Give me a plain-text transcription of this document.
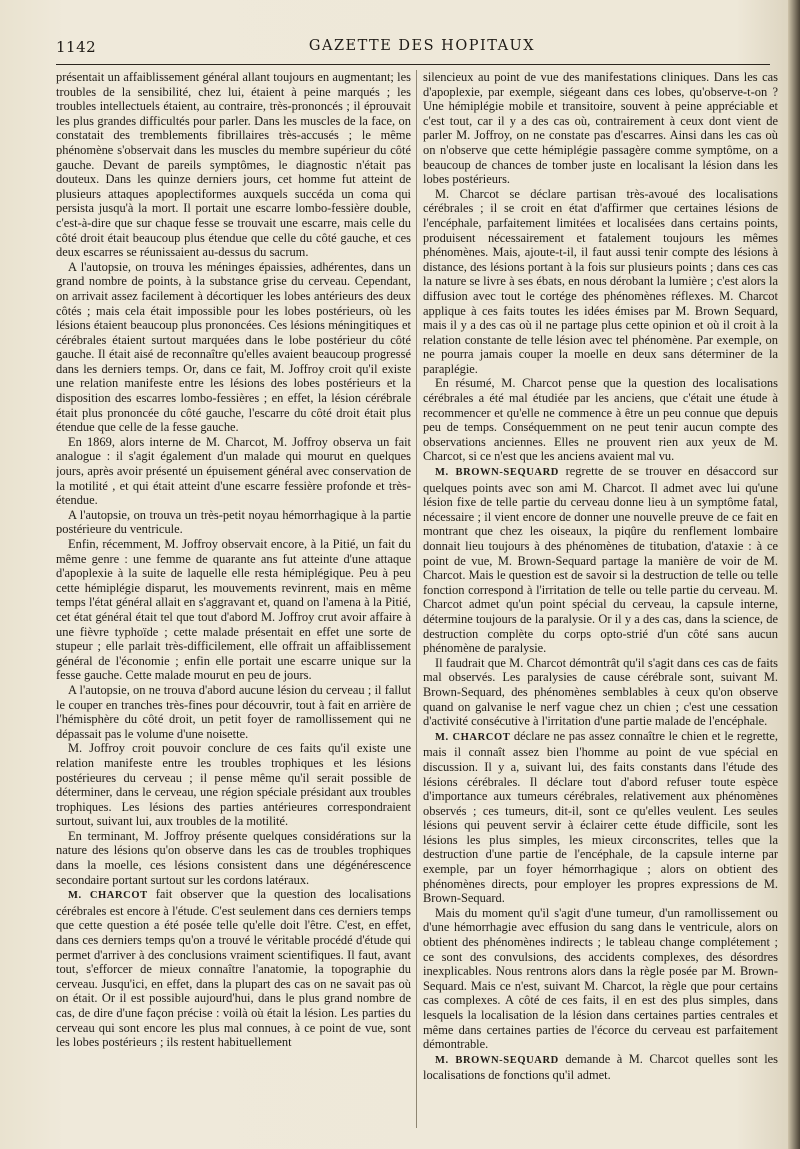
1142	GAZETTE DES HOPITAUX

présentait un affaiblissement général allant toujours en augmentant; les troubles de la sensibilité, chez lui, étaient à peine marqués ; les troubles intellectuels étaient, au contraire, très-prononcés ; il éprouvait les plus grandes difficultés pour parler. Dans les muscles de la face, on constatait des tremblements fibrillaires très-accusés ; le même phénomène s'observait dans les muscles du membre supérieur du côté gauche. Devant de pareils symptômes, le diagnostic n'était pas douteux. Dans les quinze derniers jours, cet homme fut atteint de plusieurs attaques apoplectiformes auxquels succéda un coma qui persista jusqu'à la mort. Il portait une escarre lombo-fessière double, c'est-à-dire que sur chaque fesse se trouvait une escarre, mais celle du côté droit était beaucoup plus étendue que celle du côté gauche, et ces deux escarres se réunissaient au-dessus du sacrum.

A l'autopsie, on trouva les méninges épaissies, adhérentes, dans un grand nombre de points, à la substance grise du cerveau. Cependant, on arrivait assez facilement à décortiquer les lobes antérieurs des deux côtés ; mais cela était impossible pour les lobes postérieurs, où les lésions étaient beaucoup plus prononcées. Ces lésions méningitiques et cérébrales étaient surtout marquées dans le lobe postérieur du côté gauche. Il était aisé de reconnaître qu'elles avaient beaucoup progressé dans les derniers temps. Or, dans ce fait, M. Joffroy croit qu'il existe une relation manifeste entre les lésions des lobes postérieurs et la disposition des escarres lombo-fessières ; en effet, la lésion cérébrale était plus prononcée du côté gauche, l'escarre du côté droit était plus étendue que celle de la fesse gauche.

En 1869, alors interne de M. Charcot, M. Joffroy observa un fait analogue : il s'agit également d'un malade qui mourut en quelques jours, après avoir présenté un épuisement général avec conservation de la motilité , et qui était atteint d'une escarre fessière profonde et très-étendue.

A l'autopsie, on trouva un très-petit noyau hémorrhagique à la partie postérieure du ventricule.

Enfin, récemment, M. Joffroy observait encore, à la Pitié, un fait du même genre : une femme de quarante ans fut atteinte d'une attaque d'apoplexie à la suite de laquelle elle resta hémiplégique. Peu à peu cette hémiplégie disparut, les mouvements revinrent, mais en même temps l'état général allait en s'aggravant et, quand on l'amena à la Pitié, cet état général était tel que tout d'abord M. Joffroy crut avoir affaire à une fièvre typhoïde ; cette malade présentait en effet une sorte de stupeur ; elle parlait très-difficilement, elle offrait un affaiblissement général de l'économie ; enfin elle portait une escarre unique sur la fesse gauche. Cette malade mourut en peu de jours.

A l'autopsie, on ne trouva d'abord aucune lésion du cerveau ; il fallut le couper en tranches très-fines pour découvrir, tout à fait en arrière de l'hémisphère du côté droit, un petit foyer de ramollissement qui ne dépassait pas le volume d'une noisette.

M. Joffroy croit pouvoir conclure de ces faits qu'il existe une relation manifeste entre les troubles trophiques et les lésions postérieures du cerveau ; il pense même qu'il serait possible de déterminer, dans le cerveau, une région spéciale présidant aux troubles trophiques. Les lésions des parties antérieures correspondraient surtout, suivant lui, aux troubles de la motilité.

En terminant, M. Joffroy présente quelques considérations sur la nature des lésions qu'on observe dans les cas de troubles trophiques dans la moelle, ces lésions consistent dans une dégénérescence secondaire portant surtout sur les cordons latéraux.

M. CHARCOT fait observer que la question des localisations cérébrales est encore à l'étude. C'est seulement dans ces derniers temps que cette question a été posée telle qu'elle doit l'être. C'est, en effet, dans ces derniers temps qu'on a trouvé le véritable procédé d'étude qui permet d'arriver à des conclusions vraiment scientifiques. Il faut, avant tout, s'efforcer de mieux connaître l'anatomie, la topographie du cerveau. Jusqu'ici, en effet, dans la plupart des cas on ne savait pas où on était. Or il est possible aujourd'hui, dans le plus grand nombre de cas, de dire d'une façon précise : voilà où était la lésion. Les parties du cerveau qui sont encore les plus mal connues, à ce point de vue, sont les lobes postérieurs ; ils restent habituellement

silencieux au point de vue des manifestations cliniques. Dans les cas d'apoplexie, par exemple, siégeant dans ces lobes, qu'observe-t-on ? Une hémiplégie mobile et transitoire, souvent à peine appréciable et c'est tout, car il y a des cas où, contrairement à ceux dont vient de parler M. Joffroy, on ne constate pas d'escarres. Ainsi dans les cas où on n'observe que cette hémiplégie passagère comme symptôme, on a beaucoup de chances de tomber juste en localisant la lésion dans les lobes postérieurs.

M. Charcot se déclare partisan très-avoué des localisations cérébrales ; il se croit en état d'affirmer que certaines lésions de l'encéphale, parfaitement limitées et localisées dans certains points, produisent nécessairement et fatalement toujours les mêmes phénomènes. Mais, ajoute-t-il, il faut aussi tenir compte des lésions à distance, des lésions portant à la fois sur plusieurs points ; dans ces cas la nature se livre à ses ébats, en nous dérobant la lumière ; c'est alors la diffusion avec tout le cortége des phénomènes réflexes. M. Charcot applique à ces faits toutes les idées émises par M. Brown Sequard, mais il y a des cas où il ne partage plus cette opinion et où il croit à la relation constante de telle lésion avec tel phénomène. Par exemple, on ne pourra jamais couper la moelle en deux sans déterminer de la paraplégie.

En résumé, M. Charcot pense que la question des localisations cérébrales a été mal étudiée par les anciens, que c'était une étude à recommencer et qu'elle ne commence à être un peu connue que depuis peu de temps. Conséquemment on ne peut tenir aucun compte des observations anciennes. Elles ne prouvent rien aux yeux de M. Charcot, si ce n'est que les anciens avaient mal vu.

M. BROWN-SEQUARD regrette de se trouver en désaccord sur quelques points avec son ami M. Charcot. Il admet avec lui qu'une lésion fixe de telle partie du cerveau donne lieu à un symptôme fatal, nécessaire ; il vient encore de donner une nouvelle preuve de ce fait en montrant que chez les oiseaux, la piqûre du renflement lombaire donnait lieu toujours à des phénomènes de titubation, d'ataxie : à ce point de vue, M. Brown-Sequard partage la manière de voir de M. Charcot. Mais le question est de savoir si la destruction de telle ou telle fonction correspond à l'irritation de telle ou telle partie du cerveau. M. Charcot admet qu'un point spécial du cerveau, la capsule interne, détermine toujours de la paralysie. Or il y a des cas, dans la science, de destruction complète du corps opto-strié d'un côté sans aucun phénomène de paralysie.

Il faudrait que M. Charcot démontrât qu'il s'agit dans ces cas de faits mal observés. Les paralysies de cause cérébrale sont, suivant M. Brown-Sequard, des phénomènes semblables à ceux qu'on observe quand on galvanise le nerf vague chez un chien ; c'est une cessation d'activité consécutive à l'irritation d'une partie malade de l'encéphale.

M. CHARCOT déclare ne pas assez connaître le chien et le regrette, mais il connaît assez bien l'homme au point de vue spécial en discussion. Il y a, suivant lui, des faits constants dans l'étude des lésions cérébrales. Il déclare tout d'abord refuser toute espèce d'importance aux tumeurs cérébrales, relativement aux phénomènes observés ; ces tumeurs, dit-il, sont ce qu'elles veulent. Les seules lésions qui peuvent servir à éclairer cette étude difficile, sont les lésions les plus simples, les mieux circonscrites, telles que la destruction d'une partie de l'encéphale, de la capsule interne par exemple, par un foyer hémorrhagique ; alors on obtient des phénomènes directs, pour employer les propres expressions de M. Brown-Sequard.

Mais du moment qu'il s'agit d'une tumeur, d'un ramollissement ou d'une hémorrhagie avec effusion du sang dans le ventricule, alors on obtient des phénomènes indirects ; le tableau change complétement ; ce sont des convulsions, des accidents complexes, des désordres inexplicables. Nous rentrons alors dans la règle posée par M. Brown-Sequard. Mais ce n'est, suivant M. Charcot, la règle que pour certains cas complexes. A côté de ces faits, il en est des plus simples, dans lesquels la localisation de la lésion dans certaines parties centrales et même dans certaines parties de l'écorce du cerveau est parfaitement démontrable.

M. BROWN-SEQUARD demande à M. Charcot quelles sont les localisations de fonctions qu'il admet.
